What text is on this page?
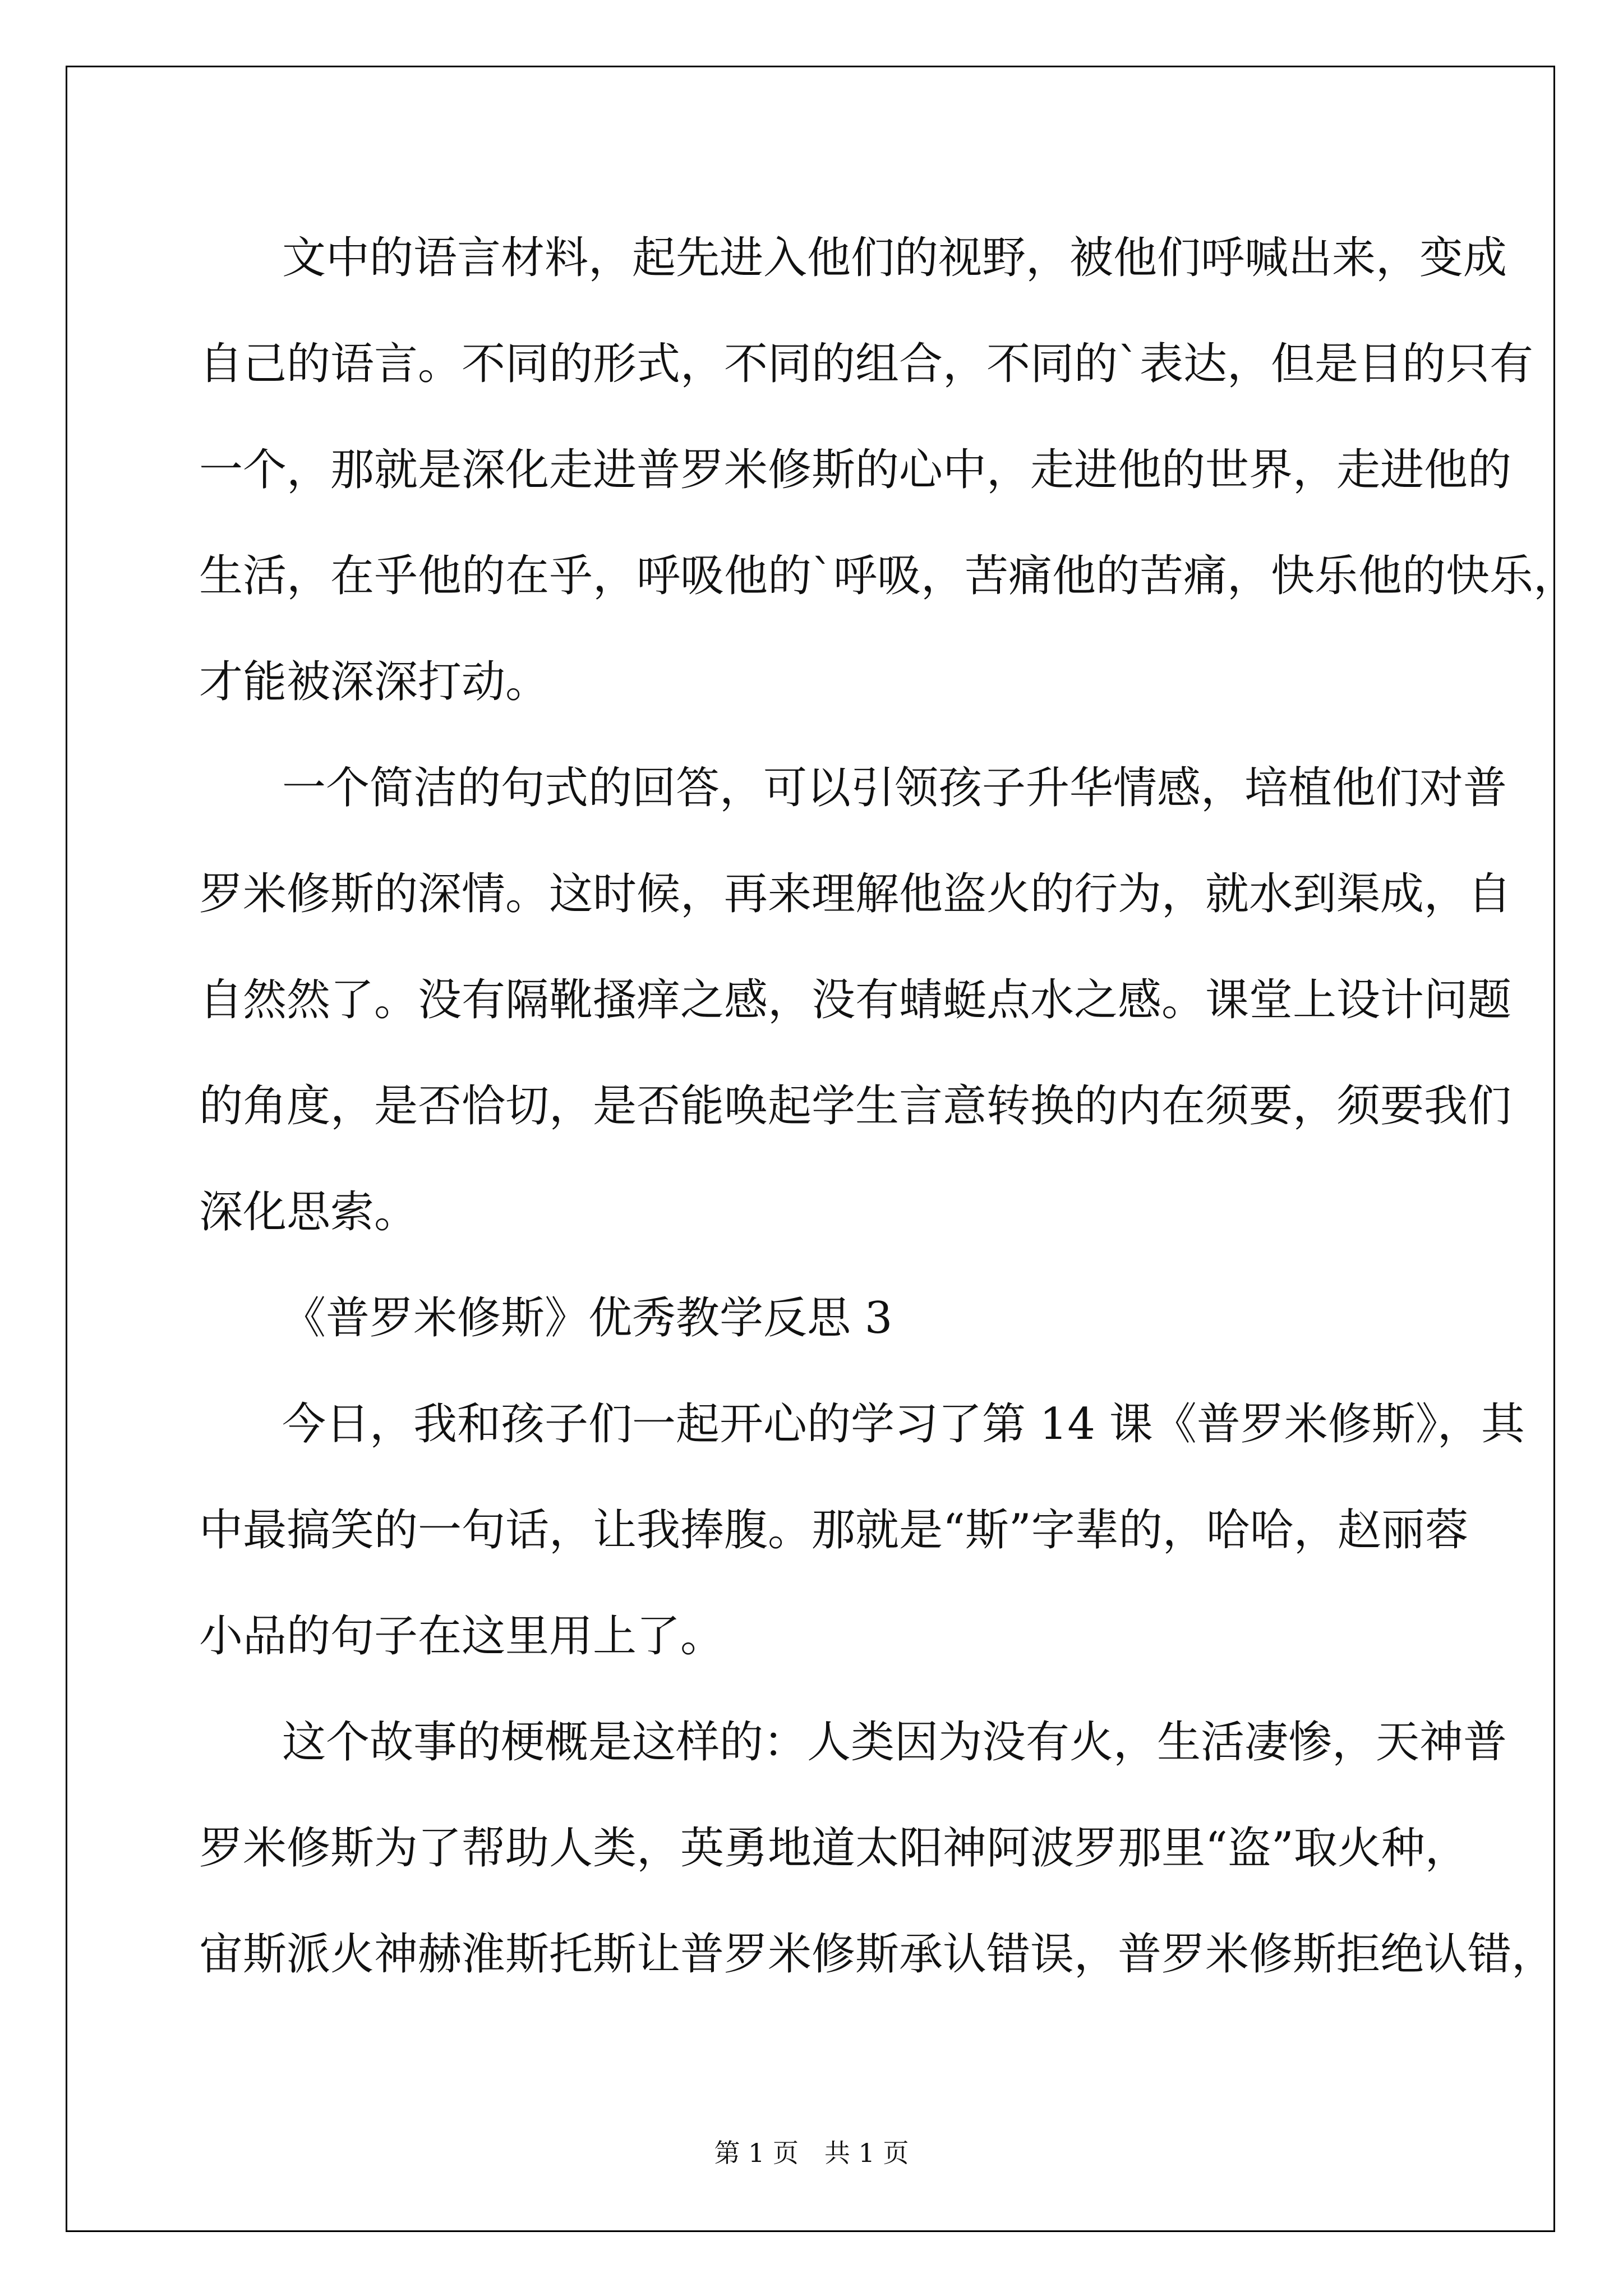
文中的语言材料，起先进入他们的视野，被他们呼喊出来，变成
自己的语言。不同的形式，不同的组合，不同的`表达，但是目的只有
一个，那就是深化走进普罗米修斯的心中，走进他的世界，走进他的
生活，在乎他的在乎，呼吸他的`呼吸，苦痛他的苦痛，快乐他的快乐，
才能被深深打动。
一个简洁的句式的回答，可以引领孩子升华情感，培植他们对普
罗米修斯的深情。这时候，再来理解他盗火的行为，就水到渠成，自
自然然了。没有隔靴搔痒之感，没有蜻蜓点水之感。课堂上设计问题
的角度，是否恰切，是否能唤起学生言意转换的内在须要，须要我们
深化思索。
《普罗米修斯》优秀教学反思 3
今日，我和孩子们一起开心的学习了第 14 课《普罗米修斯》，其
中最搞笑的一句话，让我捧腹。那就是“斯”字辈的，哈哈，赵丽蓉
小品的句子在这里用上了。
这个故事的梗概是这样的：人类因为没有火，生活凄惨，天神普
罗米修斯为了帮助人类，英勇地道太阳神阿波罗那里“盗”取火种，
宙斯派火神赫淮斯托斯让普罗米修斯承认错误，普罗米修斯拒绝认错，
第 1 页 共 1 页
